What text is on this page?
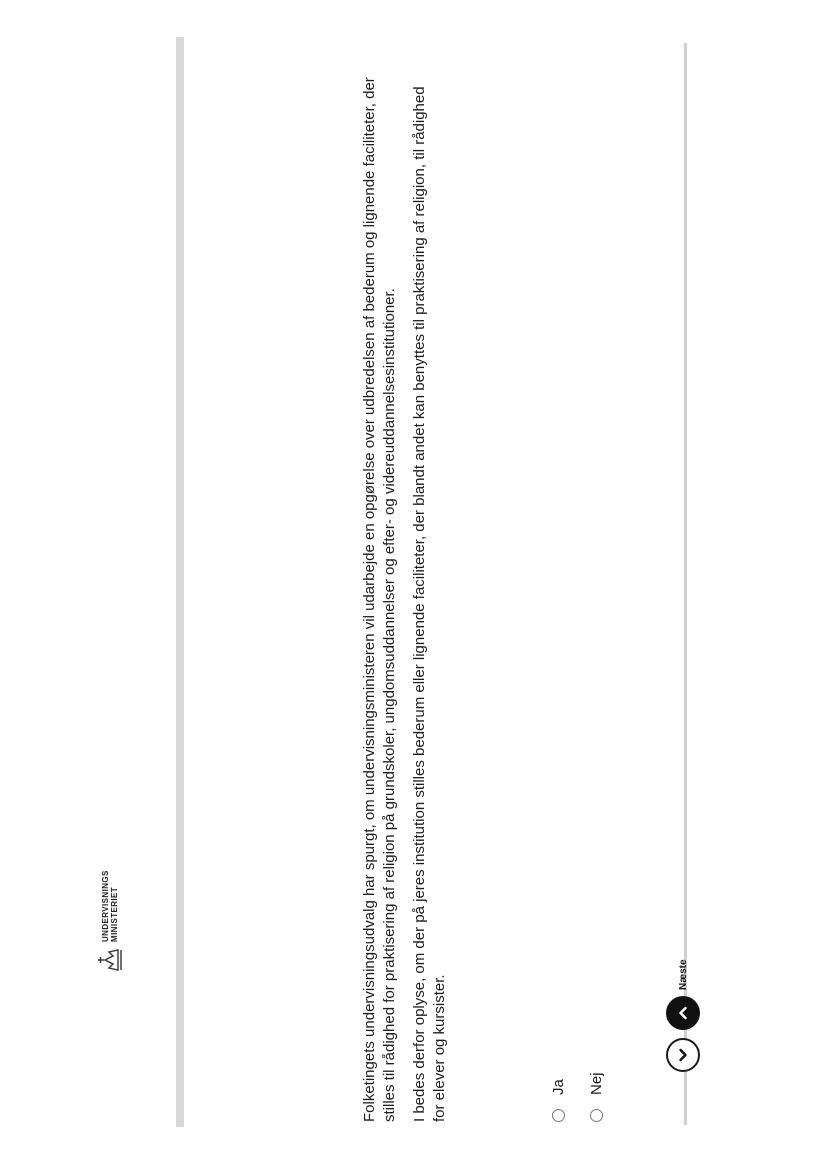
UNDERVISNINGS MINISTERIET	Folketingets undervisningsudvalg har spurgt, om undervisningsministeren vil udarbejde en opgørelse over udbredelsen af bederum og lignende faciliteter, der stilles til rådighed for praktisering af religion på grundskoler, ungdomsuddannelser og efter- og videreuddannelsesinstitutioner. I bedes derfor oplyse, om der på jeres institution stilles bederum eller lignende faciliteter, der blandt andet kan benyttes til praktisering af religion, til rådighed for elever og kursister.	Ja Nej
Næste
